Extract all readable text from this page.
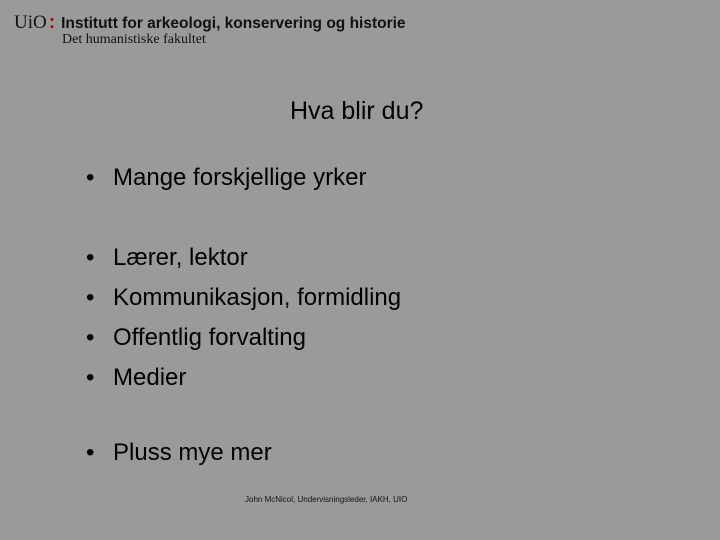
UiO : Institutt for arkeologi, konservering og historie
Det humanistiske fakultet
Hva blir du?
• Mange forskjellige yrker
• Lærer, lektor
• Kommunikasjon, formidling
• Offentlig forvalting
• Medier
• Pluss mye mer
John McNicol, Undervisningsleder, IAKH, UIO
